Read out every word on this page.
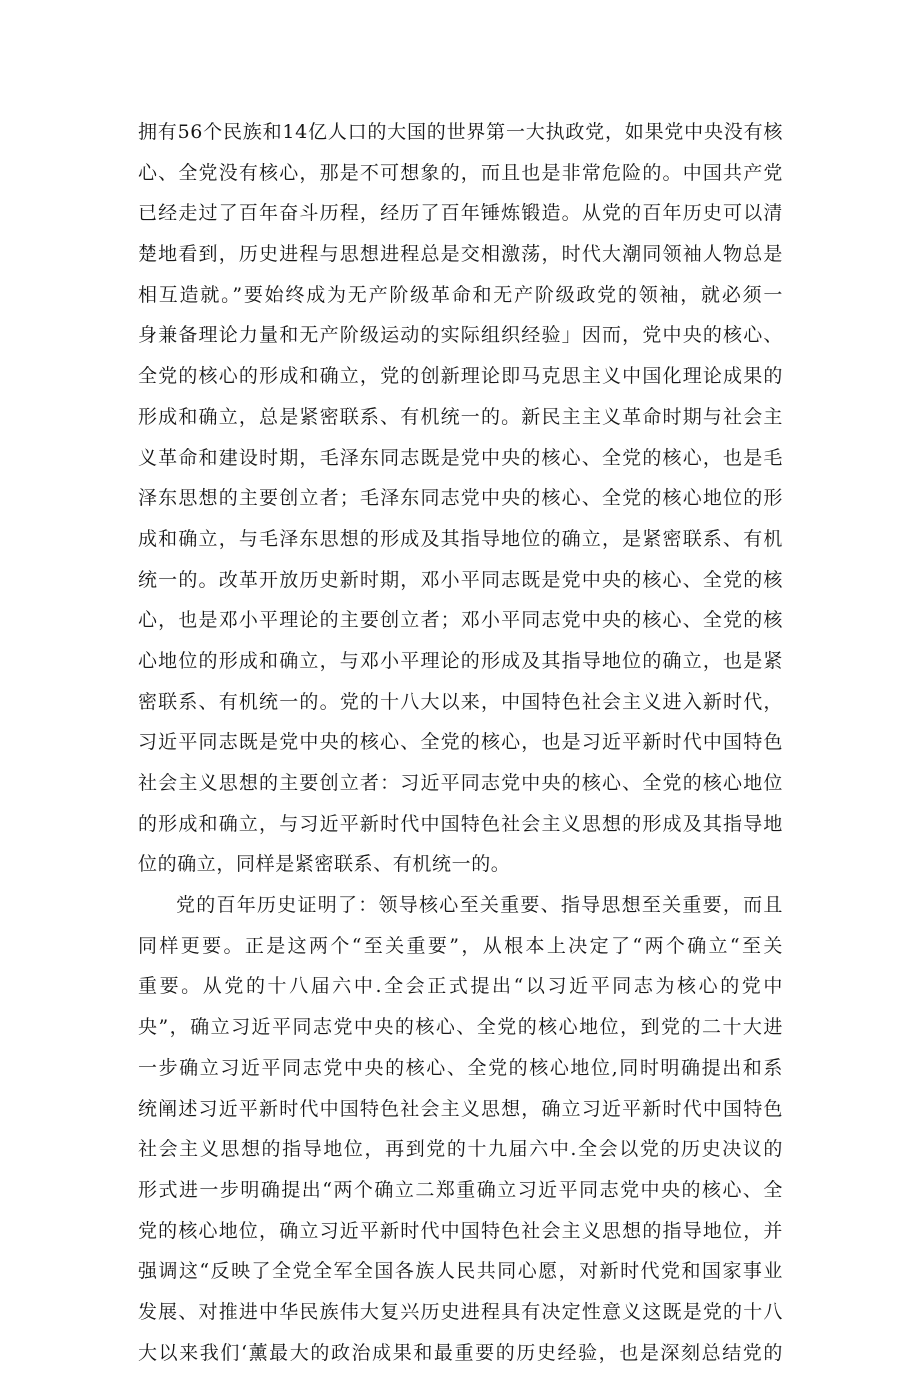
拥有56个民族和14亿人口的大国的世界第一大执政党，如果党中央没有核
心、全党没有核心，那是不可想象的，而且也是非常危险的。中国共产党
已经走过了百年奋斗历程，经历了百年锤炼锻造。从党的百年历史可以清
楚地看到，历史进程与思想进程总是交相激荡，时代大潮同领袖人物总是
相互造就。”要始终成为无产阶级革命和无产阶级政党的领袖，就必须一
身兼备理论力量和无产阶级运动的实际组织经验」因而，党中央的核心、
全党的核心的形成和确立，党的创新理论即马克思主义中国化理论成果的
形成和确立，总是紧密联系、有机统一的。新民主主义革命时期与社会主
义革命和建设时期，毛泽东同志既是党中央的核心、全党的核心，也是毛
泽东思想的主要创立者；毛泽东同志党中央的核心、全党的核心地位的形
成和确立，与毛泽东思想的形成及其指导地位的确立，是紧密联系、有机
统一的。改革开放历史新时期，邓小平同志既是党中央的核心、全党的核
心，也是邓小平理论的主要创立者；邓小平同志党中央的核心、全党的核
心地位的形成和确立，与邓小平理论的形成及其指导地位的确立，也是紧
密联系、有机统一的。党的十八大以来，中国特色社会主义进入新时代，
习近平同志既是党中央的核心、全党的核心，也是习近平新时代中国特色
社会主义思想的主要创立者：习近平同志党中央的核心、全党的核心地位
的形成和确立，与习近平新时代中国特色社会主义思想的形成及其指导地
位的确立，同样是紧密联系、有机统一的。
党的百年历史证明了：领导核心至关重要、指导思想至关重要，而且
同样更要。正是这两个“至关重要”，从根本上决定了“两个确立“至关
重要。从党的十八届六中.全会正式提出“以习近平同志为核心的党中
央”，确立习近平同志党中央的核心、全党的核心地位，到党的二十大进
一步确立习近平同志党中央的核心、全党的核心地位,同时明确提出和系
统阐述习近平新时代中国特色社会主义思想，确立习近平新时代中国特色
社会主义思想的指导地位，再到党的十九届六中.全会以党的历史决议的
形式进一步明确提出“两个确立二郑重确立习近平同志党中央的核心、全
党的核心地位，确立习近平新时代中国特色社会主义思想的指导地位，并
强调这“反映了全党全军全国各族人民共同心愿，对新时代党和国家事业
发展、对推进中华民族伟大复兴历史进程具有决定性意义这既是党的十八
大以来我们‘薰最大的政治成果和最重要的历史经验，也是深刻总结党的
